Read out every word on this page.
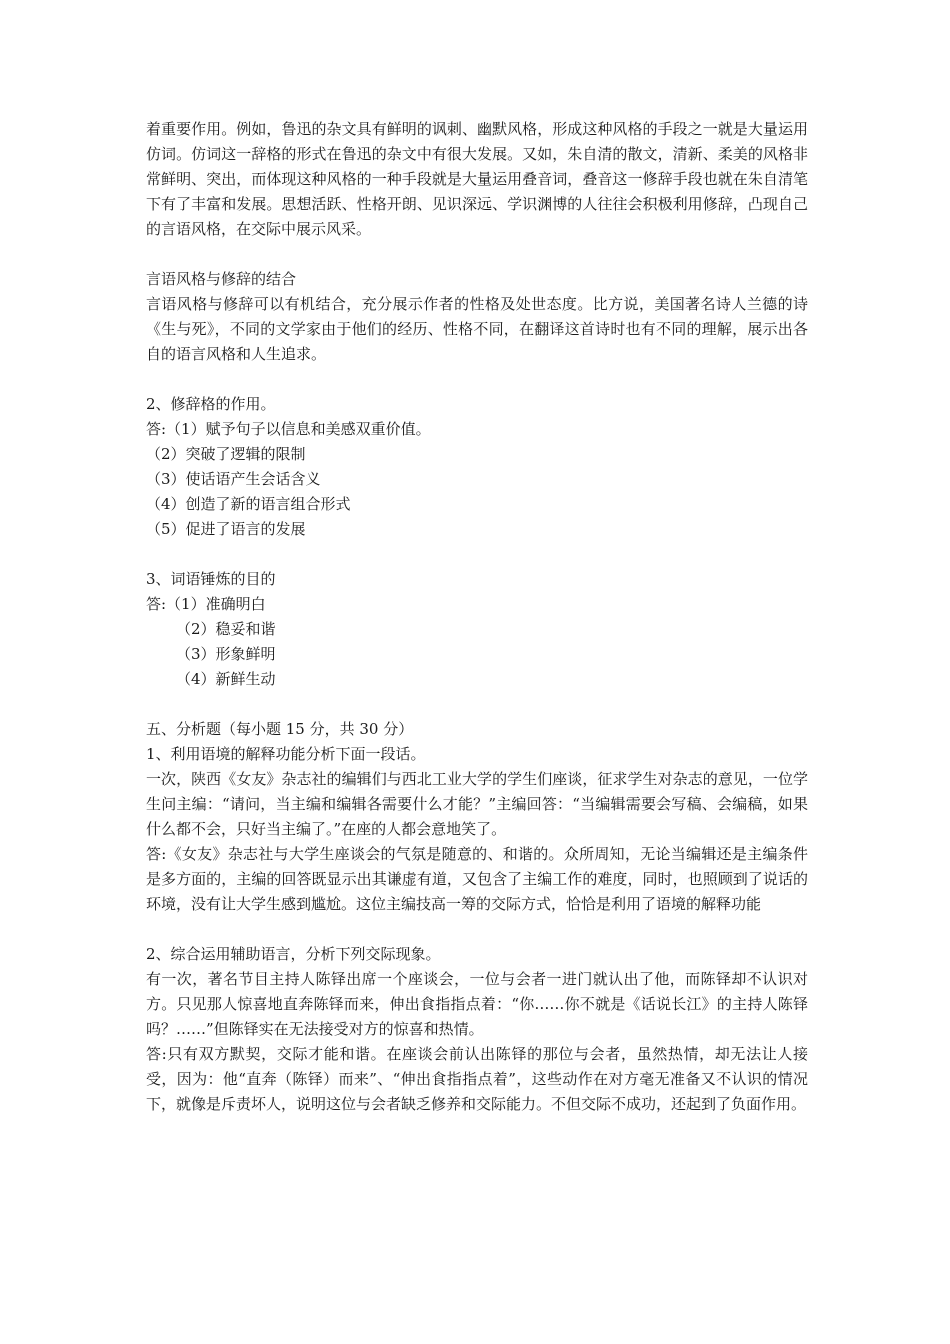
着重要作用。例如，鲁迅的杂文具有鲜明的讽刺、幽默风格，形成这种风格的手段之一就是大量运用仿词。仿词这一辞格的形式在鲁迅的杂文中有很大发展。又如，朱自清的散文，清新、柔美的风格非常鲜明、突出，而体现这种风格的一种手段就是大量运用叠音词，叠音这一修辞手段也就在朱自清笔下有了丰富和发展。思想活跃、性格开朗、见识深远、学识渊博的人往往会积极利用修辞，凸现自己的言语风格，在交际中展示风采。

言语风格与修辞的结合

言语风格与修辞可以有机结合，充分展示作者的性格及处世态度。比方说，美国著名诗人兰德的诗《生与死》，不同的文学家由于他们的经历、性格不同，在翻译这首诗时也有不同的理解，展示出各自的语言风格和人生追求。

2、修辞格的作用。

答:（1）赋予句子以信息和美感双重价值。

（2）突破了逻辑的限制

（3）使话语产生会话含义

（4）创造了新的语言组合形式

（5）促进了语言的发展

3、词语锤炼的目的

答:（1）准确明白

（2）稳妥和谐

（3）形象鲜明

（4）新鲜生动

五、分析题（每小题 15 分，共 30 分）

1、利用语境的解释功能分析下面一段话。

一次，陕西《女友》杂志社的编辑们与西北工业大学的学生们座谈，征求学生对杂志的意见，一位学生问主编：“请问，当主编和编辑各需要什么才能？”主编回答：“当编辑需要会写稿、会编稿，如果什么都不会，只好当主编了。”在座的人都会意地笑了。

答:《女友》杂志社与大学生座谈会的气氛是随意的、和谐的。众所周知，无论当编辑还是主编条件是多方面的，主编的回答既显示出其谦虚有道，又包含了主编工作的难度，同时，也照顾到了说话的环境，没有让大学生感到尴尬。这位主编技高一筹的交际方式，恰恰是利用了语境的解释功能

2、综合运用辅助语言，分析下列交际现象。

有一次，著名节目主持人陈铎出席一个座谈会，一位与会者一进门就认出了他，而陈铎却不认识对方。只见那人惊喜地直奔陈铎而来，伸出食指指点着：“你……你不就是《话说长江》的主持人陈铎吗？……”但陈铎实在无法接受对方的惊喜和热情。

答:只有双方默契，交际才能和谐。在座谈会前认出陈铎的那位与会者，虽然热情，却无法让人接受，因为：他“直奔（陈铎）而来”、“伸出食指指点着”，这些动作在对方毫无准备又不认识的情况下，就像是斥责坏人，说明这位与会者缺乏修养和交际能力。不但交际不成功，还起到了负面作用。
